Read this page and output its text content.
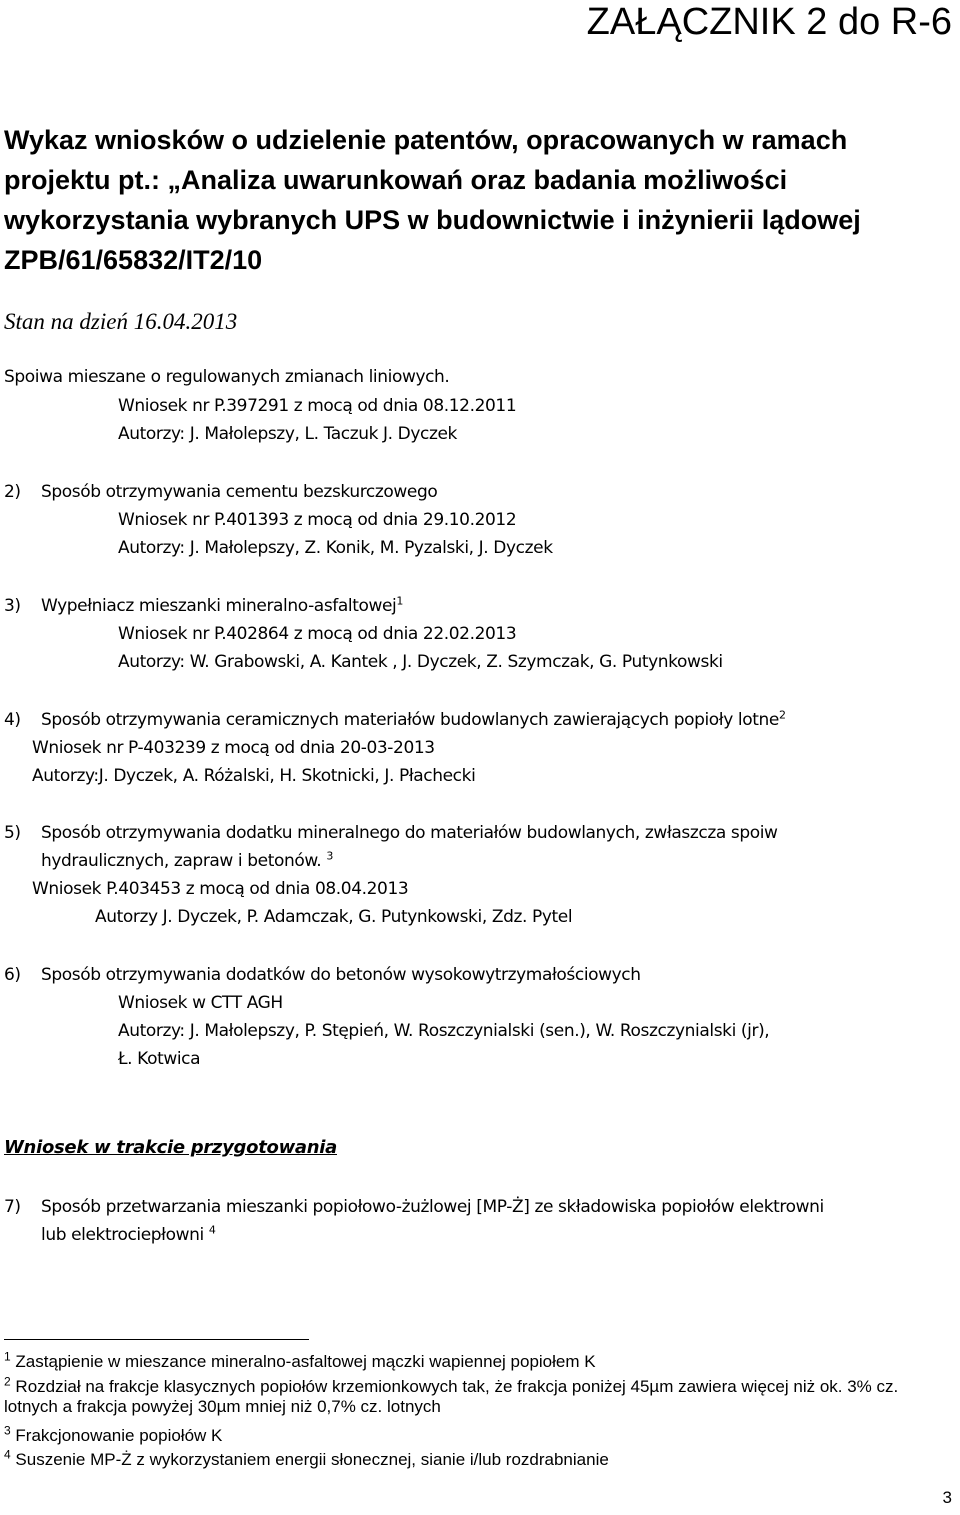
ZAŁĄCZNIK 2 do R-6
Wykaz wniosków o udzielenie patentów, opracowanych w ramach projektu pt.: „Analiza uwarunkowań oraz badania możliwości wykorzystania wybranych UPS w budownictwie i inżynierii lądowej ZPB/61/65832/IT2/10
Stan na dzień 16.04.2013
Spoiwa mieszane o regulowanych zmianach liniowych.
Wniosek nr P.397291 z mocą od dnia 08.12.2011
Autorzy: J. Małolepszy, L. Taczuk J. Dyczek
2) Sposób otrzymywania cementu bezskurczowego
Wniosek nr P.401393 z mocą od dnia 29.10.2012
Autorzy: J. Małolepszy, Z. Konik, M. Pyzalski, J. Dyczek
3) Wypełniacz mieszanki mineralno-asfaltowej$^1$
Wniosek nr P.402864 z mocą od dnia 22.02.2013
Autorzy: W. Grabowski, A. Kantek , J. Dyczek, Z. Szymczak, G. Putynkowski
4) Sposób otrzymywania ceramicznych materiałów budowlanych zawierających popioły lotne$^2$
Wniosek nr P-403239 z mocą od dnia 20-03-2013
Autorzy:J. Dyczek, A. Różalski, H. Skotnicki, J. Płachecki
5) Sposób otrzymywania dodatku mineralnego do materiałów budowlanych, zwłaszcza spoiw
hydraulicznych, zapraw i betonów. $^3$
Wniosek P.403453 z mocą od dnia 08.04.2013
Autorzy J. Dyczek, P. Adamczak, G. Putynkowski, Zdz. Pytel
6) Sposób otrzymywania dodatków do betonów wysokowytrzymałościowych
Wniosek w CTT AGH
Autorzy: J. Małolepszy, P. Stępień, W. Roszczynialski (sen.), W. Roszczynialski (jr),
Ł. Kotwica
Wniosek w trakcie przygotowania
7) Sposób przetwarzania mieszanki popiołowo-żużlowej [MP-Ż] ze składowiska popiołów elektrowni
lub elektrociepłowni $^4$
$^1$ Zastąpienie w mieszance mineralno-asfaltowej mączki wapiennej popiołem K
$^2$ Rozdział na frakcje klasycznych popiołów krzemionkowych tak, że frakcja poniżej 45µm zawiera więcej niż ok. 3% cz. lotnych a frakcja powyżej 30µm mniej niż 0,7% cz. lotnych
$^3$ Frakcjonowanie popiołów K
$^4$ Suszenie MP-Ż z wykorzystaniem energii słonecznej, sianie i/lub rozdrabnianie
3
